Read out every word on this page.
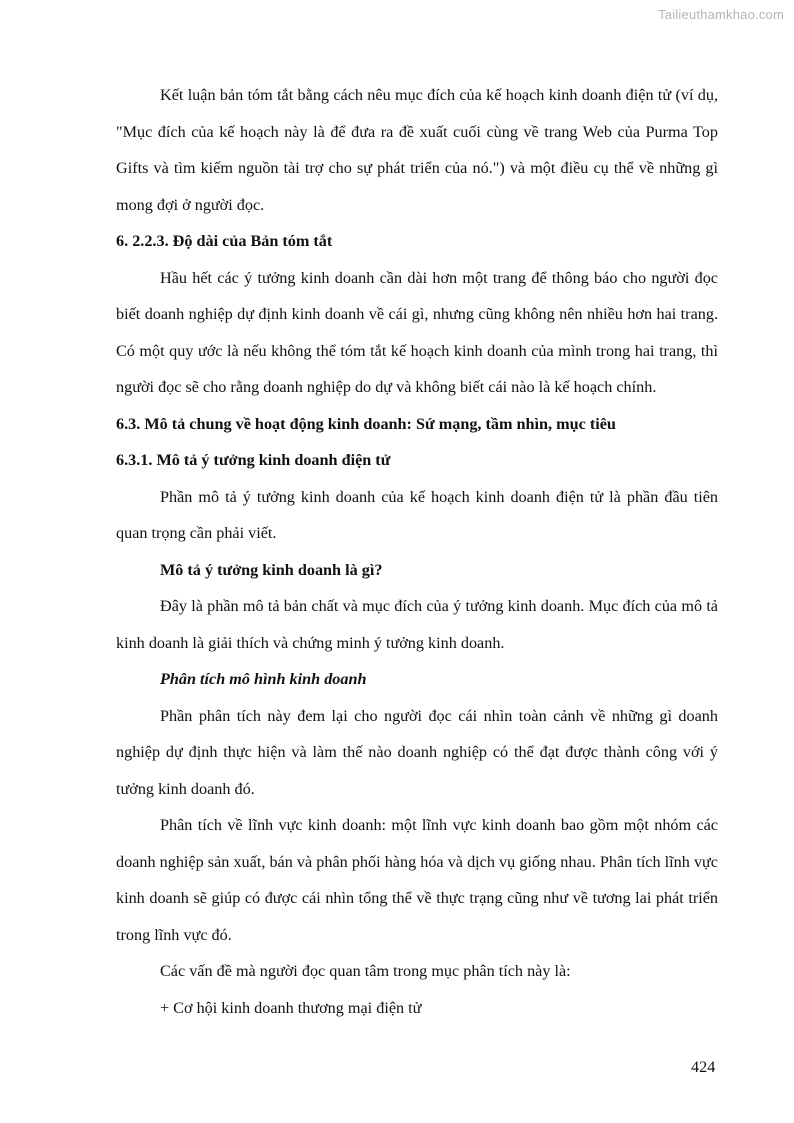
Tailieuthamkhao.com

Kết luận bản tóm tắt bằng cách nêu mục đích của kế hoạch kinh doanh điện tử (ví dụ, "Mục đích của kế hoạch này là để đưa ra đề xuất cuối cùng về trang Web của Purma Top Gifts và tìm kiếm nguồn tài trợ cho sự phát triển của nó.") và một điều cụ thể về những gì mong đợi ở người đọc.

6. 2.2.3. Độ dài của Bản tóm tắt

Hầu hết các ý tưởng kinh doanh cần dài hơn một trang để thông báo cho người đọc biết doanh nghiệp dự định kinh doanh về cái gì, nhưng cũng không nên nhiều hơn hai trang. Có một quy ước là nếu không thể tóm tắt kế hoạch kinh doanh của mình trong hai trang, thì người đọc sẽ cho rằng doanh nghiệp do dự và không biết cái nào là kế hoạch chính.

6.3. Mô tả chung về hoạt động kinh doanh: Sứ mạng, tầm nhìn, mục tiêu

6.3.1. Mô tả ý tưởng kinh doanh điện tử

Phần mô tả ý tưởng kinh doanh của kế hoạch kinh doanh điện tử là phần đầu tiên quan trọng cần phải viết.

Mô tả ý tưởng kinh doanh là gì?

Đây là phần mô tả bản chất và mục đích của ý tưởng kinh doanh. Mục đích của mô tả kinh doanh là giải thích và chứng minh ý tưởng kinh doanh.

Phân tích mô hình kinh doanh

Phần phân tích này đem lại cho người đọc cái nhìn toàn cảnh về những gì doanh nghiệp dự định thực hiện và làm thế nào doanh nghiệp có thể đạt được thành công với ý tưởng kinh doanh đó.

Phân tích về lĩnh vực kinh doanh: một lĩnh vực kinh doanh bao gồm một nhóm các doanh nghiệp sản xuất, bán và phân phối hàng hóa và dịch vụ giống nhau. Phân tích lĩnh vực kinh doanh sẽ giúp có được cái nhìn tổng thể về thực trạng cũng như về tương lai phát triển trong lĩnh vực đó.

Các vấn đề mà người đọc quan tâm trong mục phân tích này là:

+ Cơ hội kinh doanh thương mại điện tử

424
